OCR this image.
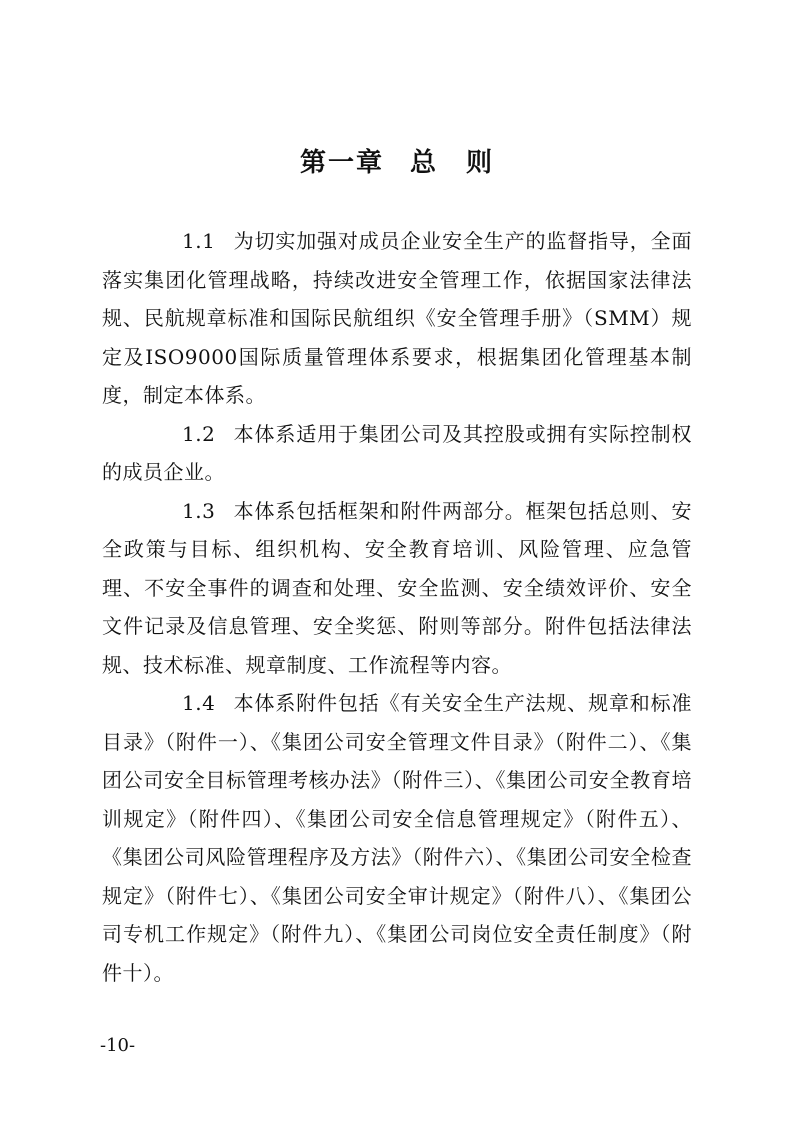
第一章 总　则

1.1 为切实加强对成员企业安全生产的监督指导，全面落实集团化管理战略，持续改进安全管理工作，依据国家法律法规、民航规章标准和国际民航组织《安全管理手册》（SMM）规定及ISO9000国际质量管理体系要求，根据集团化管理基本制度，制定本体系。

1.2 本体系适用于集团公司及其控股或拥有实际控制权的成员企业。

1.3 本体系包括框架和附件两部分。框架包括总则、安全政策与目标、组织机构、安全教育培训、风险管理、应急管理、不安全事件的调查和处理、安全监测、安全绩效评价、安全文件记录及信息管理、安全奖惩、附则等部分。附件包括法律法规、技术标准、规章制度、工作流程等内容。

1.4 本体系附件包括《有关安全生产法规、规章和标准目录》（附件一）、《集团公司安全管理文件目录》（附件二）、《集团公司安全目标管理考核办法》（附件三）、《集团公司安全教育培训规定》（附件四）、《集团公司安全信息管理规定》（附件五）、《集团公司风险管理程序及方法》（附件六）、《集团公司安全检查规定》（附件七）、《集团公司安全审计规定》（附件八）、《集团公司专机工作规定》（附件九）、《集团公司岗位安全责任制度》（附件十）。

-10-
